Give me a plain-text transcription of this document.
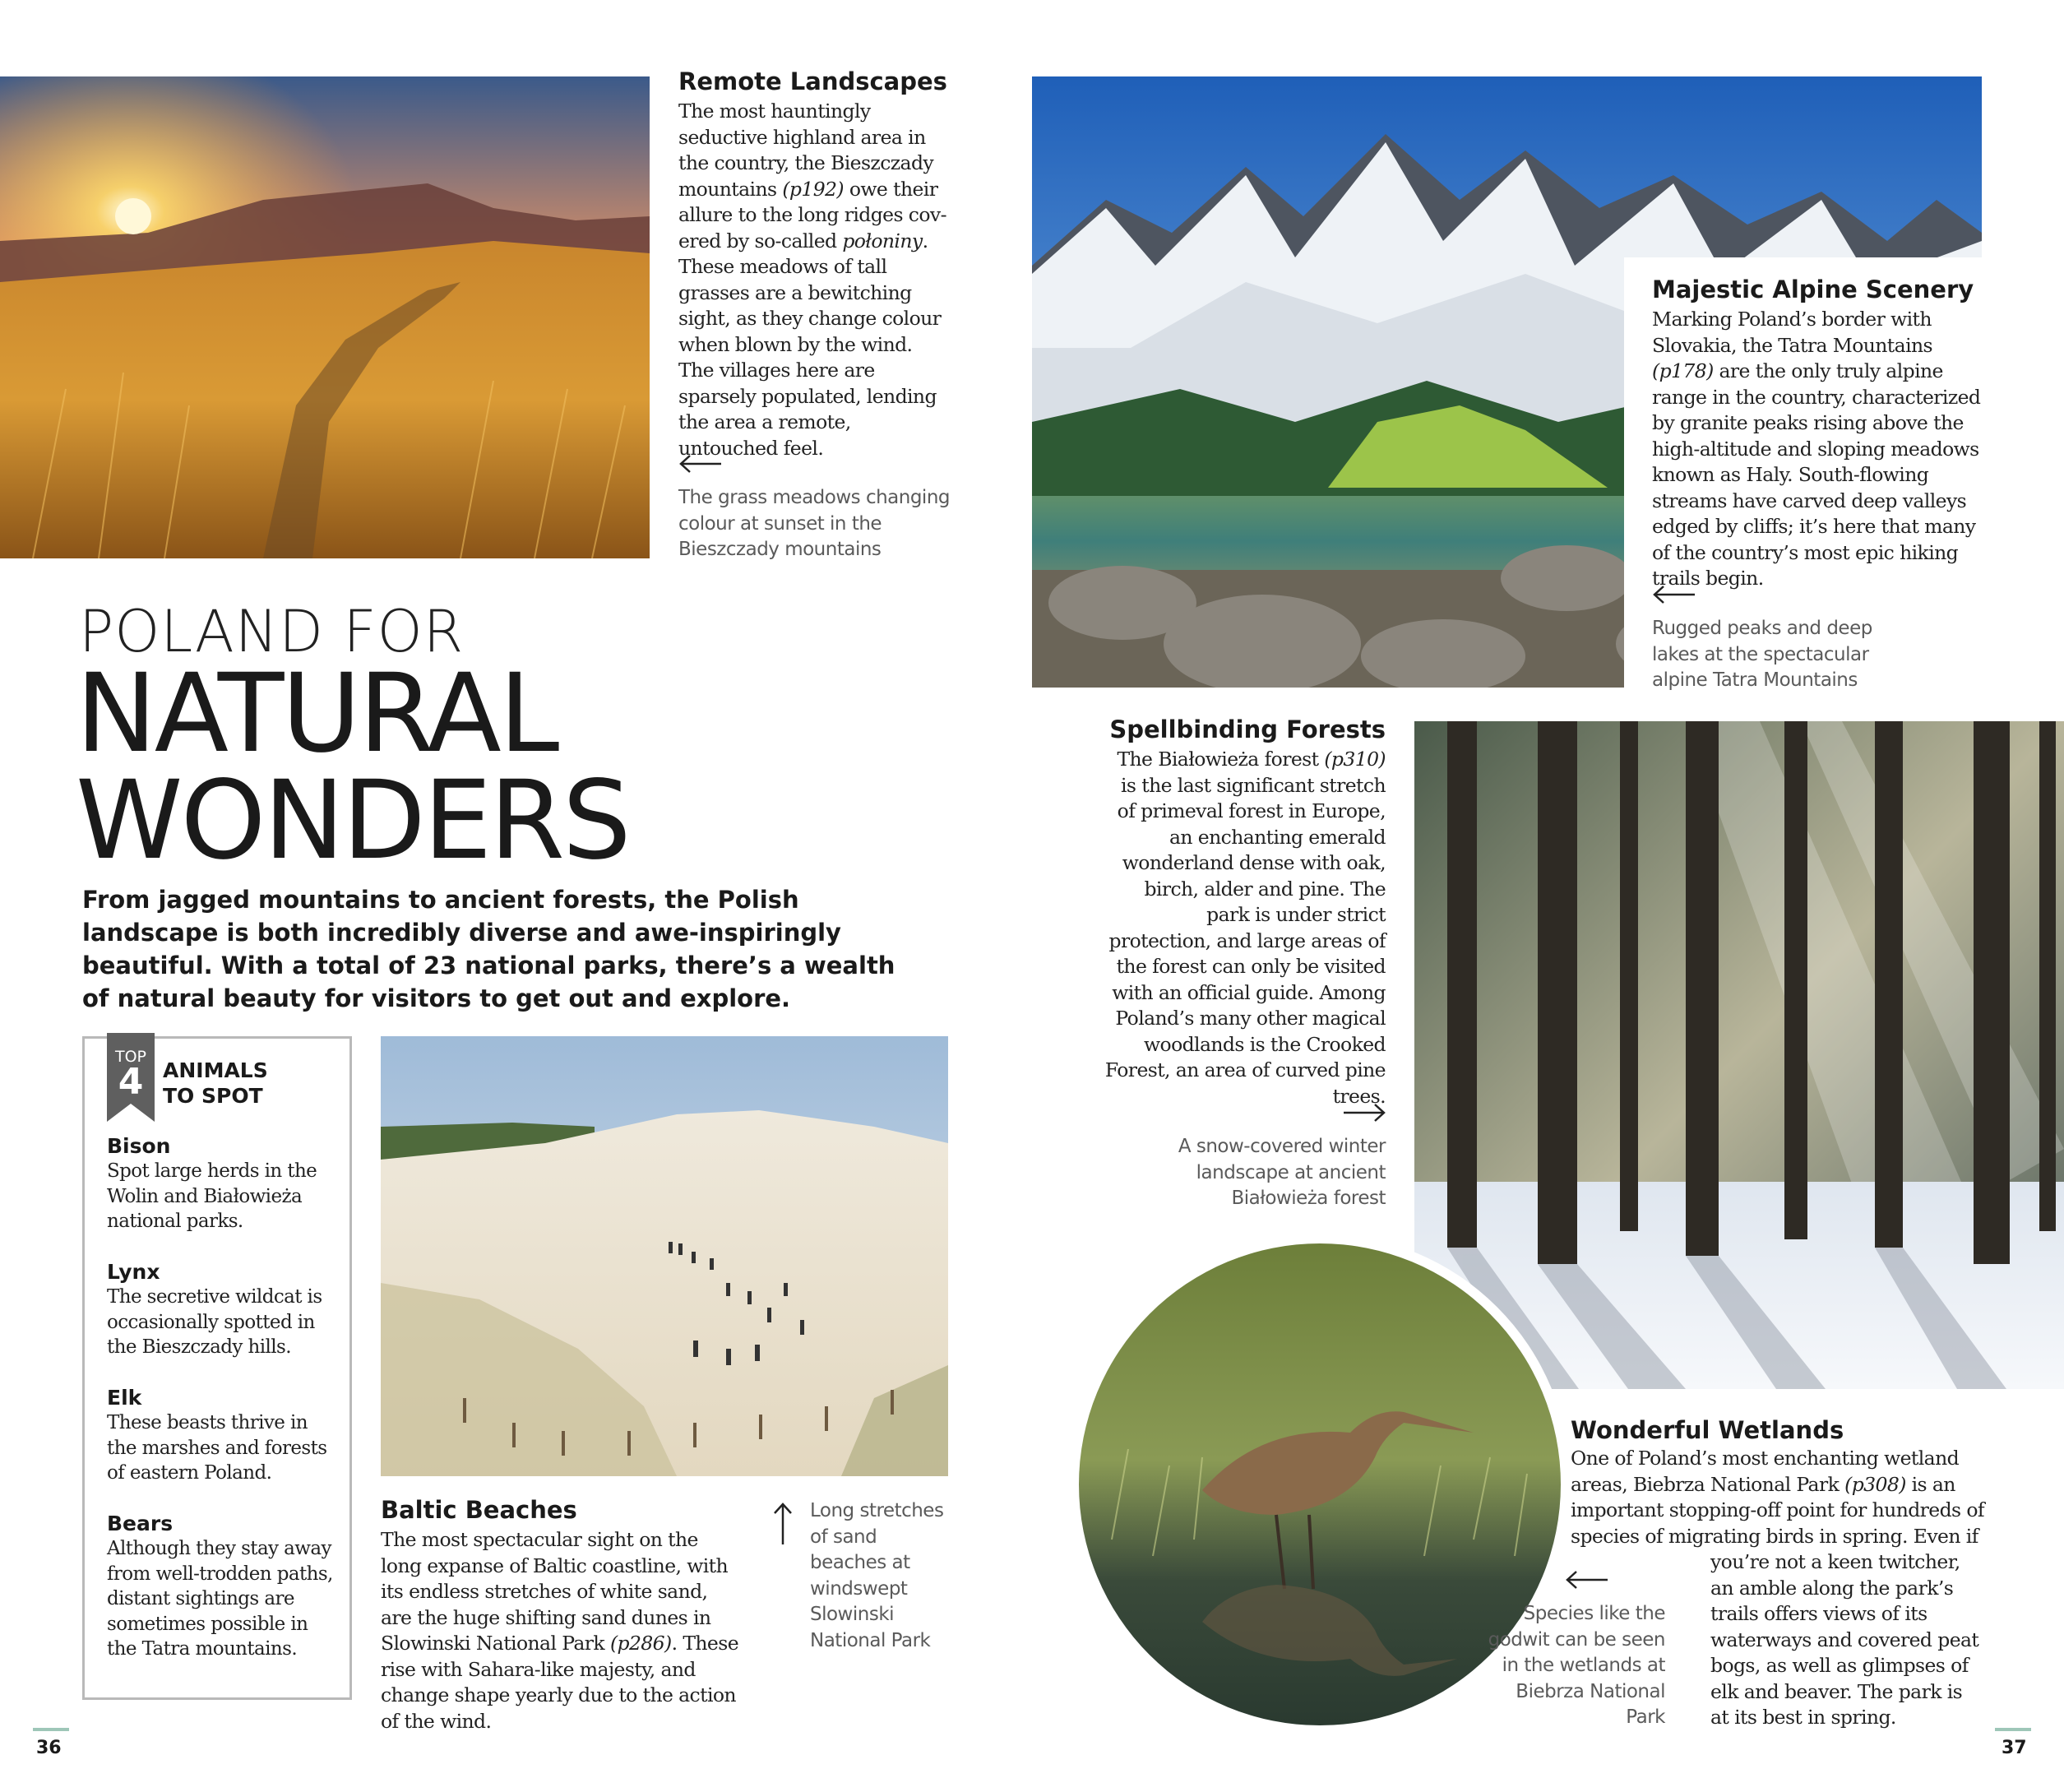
Remote Landscapes
The most hauntingly seductive highland area in the country, the Bieszczady mountains (p192) owe their allure to the long ridges cov-ered by so-called połoniny. These meadows of tall grasses are a bewitching sight, as they change colour when blown by the wind. The villages here are sparsely populated, lending the area a remote, untouched feel.
The grass meadows changing colour at sunset in the Bieszczady mountains
Majestic Alpine Scenery
Marking Poland’s border with Slovakia, the Tatra Mountains (p178) are the only truly alpine range in the country, characterized by granite peaks rising above the high-altitude and sloping meadows known as Haly. South-flowing streams have carved deep valleys edged by cliffs; it’s here that many of the country’s most epic hiking trails begin.
Rugged peaks and deep lakes at the spectacular alpine Tatra Mountains
POLAND FOR
NATURAL
WONDERS
From jagged mountains to ancient forests, the Polish landscape is both incredibly diverse and awe-inspiringly beautiful. With a total of 23 national parks, there’s a wealth of natural beauty for visitors to get out and explore.
Spellbinding Forests
The Białowieża forest (p310) is the last significant stretch of primeval forest in Europe, an enchanting emerald wonderland dense with oak, birch, alder and pine. The park is under strict protection, and large areas of the forest can only be visited with an official guide. Among Poland’s many other magical woodlands is the Crooked Forest, an area of curved pine trees.
A snow-covered winter landscape at ancient Białowieża forest
TOP
4 ANIMALS
TO SPOT
Bison
Spot large herds in the Wolin and Białowieża national parks.
Lynx
The secretive wildcat is occasionally spotted in the Bieszczady hills.
Elk
These beasts thrive in the marshes and forests of eastern Poland.
Bears
Although they stay away from well-trodden paths, distant sightings are sometimes possible in the Tatra mountains.
Baltic Beaches
The most spectacular sight on the long expanse of Baltic coastline, with its endless stretches of white sand, are the huge shifting sand dunes in Slowinski National Park (p286). These rise with Sahara-like majesty, and change shape yearly due to the action of the wind.
Long stretches of sand beaches at windswept Slowinski National Park
Wonderful Wetlands
One of Poland’s most enchanting wetland areas, Biebrza National Park (p308) is an important stopping-off point for hundreds of species of migrating birds in spring. Even if
you’re not a keen twitcher, an amble along the park’s trails offers views of its waterways and covered peat bogs, as well as glimpses of elk and beaver. The park is at its best in spring.
Species like the godwit can be seen in the wetlands at Biebrza National Park
36	37
